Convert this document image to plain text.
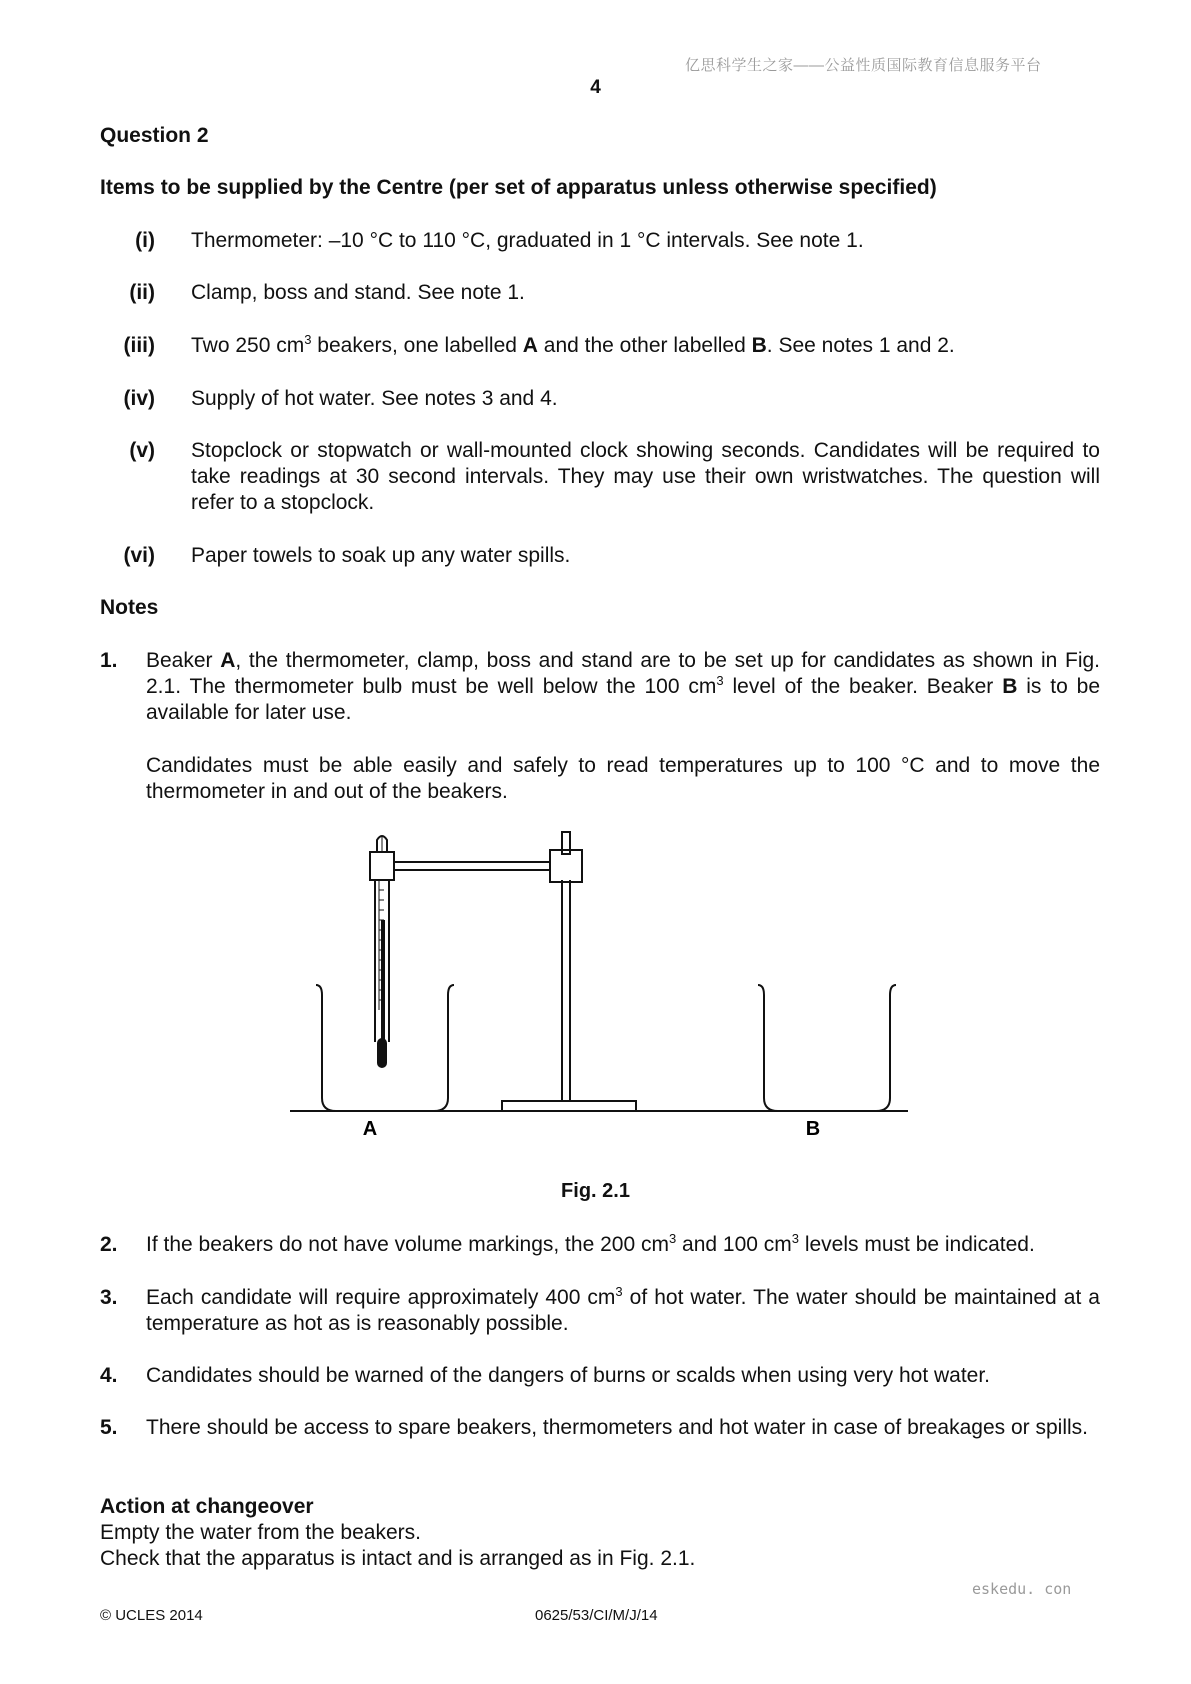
亿思科学生之家——公益性质国际教育信息服务平台
4
Question 2
Items to be supplied by the Centre (per set of apparatus unless otherwise specified)
(i) Thermometer: –10 °C to 110 °C, graduated in 1 °C intervals. See note 1.
(ii) Clamp, boss and stand. See note 1.
(iii) Two 250 $cm^3$ beakers, one labelled A and the other labelled B. See notes 1 and 2.
(iv) Supply of hot water. See notes 3 and 4.
(v) Stopclock or stopwatch or wall-mounted clock showing seconds. Candidates will be required to take readings at 30 second intervals. They may use their own wristwatches. The question will refer to a stopclock.
(vi) Paper towels to soak up any water spills.
Notes
1. Beaker A, the thermometer, clamp, boss and stand are to be set up for candidates as shown in Fig. 2.1. The thermometer bulb must be well below the 100 $cm^3$ level of the beaker. Beaker B is to be available for later use.
Candidates must be able easily and safely to read temperatures up to 100 °C and to move the thermometer in and out of the beakers.
A	B
Fig. 2.1
2. If the beakers do not have volume markings, the 200 $cm^3$ and 100 $cm^3$ levels must be indicated.
3. Each candidate will require approximately 400 $cm^3$ of hot water. The water should be maintained at a temperature as hot as is reasonably possible.
4. Candidates should be warned of the dangers of burns or scalds when using very hot water.
5. There should be access to spare beakers, thermometers and hot water in case of breakages or spills.
Action at changeover
Empty the water from the beakers.
Check that the apparatus is intact and is arranged as in Fig. 2.1.
eskedu. con
© UCLES 2014	0625/53/CI/M/J/14
